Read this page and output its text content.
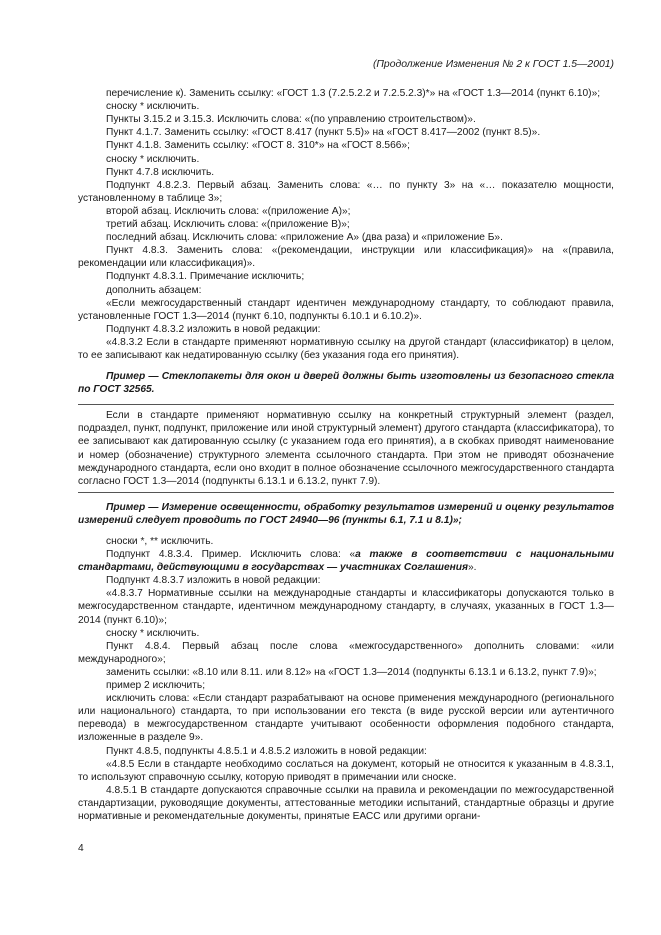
(Продолжение Изменения № 2 к ГОСТ 1.5—2001)

перечисление к). Заменить ссылку: «ГОСТ 1.3 (7.2.5.2.2 и 7.2.5.2.3)*» на «ГОСТ 1.3—2014 (пункт 6.10)»;

сноску * исключить.

Пункты 3.15.2 и 3.15.3. Исключить слова: «(по управлению строительством)».

Пункт 4.1.7. Заменить ссылку: «ГОСТ 8.417 (пункт 5.5)» на «ГОСТ 8.417—2002 (пункт 8.5)».

Пункт 4.1.8. Заменить ссылку: «ГОСТ 8. 310*» на «ГОСТ 8.566»;

сноску * исключить.

Пункт 4.7.8 исключить.

Подпункт 4.8.2.3. Первый абзац. Заменить слова: «… по пункту 3» на «… показателю мощности, установленному в таблице 3»;

второй абзац. Исключить слова: «(приложение А)»;

третий абзац. Исключить слова: «(приложение В)»;

последний абзац. Исключить слова: «приложение А» (два раза) и «приложение Б».

Пункт 4.8.3. Заменить слова: «(рекомендации, инструкции или классификация)» на «(правила, рекомендации или классификация)».

Подпункт 4.8.3.1. Примечание исключить;

дополнить абзацем:

«Если межгосударственный стандарт идентичен международному стандарту, то соблюдают правила, установленные ГОСТ 1.3—2014 (пункт 6.10, подпункты 6.10.1 и 6.10.2)».

Подпункт 4.8.3.2 изложить в новой редакции:

«4.8.3.2 Если в стандарте применяют нормативную ссылку на другой стандарт (классификатор) в целом, то ее записывают как недатированную ссылку (без указания года его принятия).

Пример — Стеклопакеты для окон и дверей должны быть изготовлены из безопасного стекла по ГОСТ 32565.

Если в стандарте применяют нормативную ссылку на конкретный структурный элемент (раздел, подраздел, пункт, подпункт, приложение или иной структурный элемент) другого стандарта (классификатора), то ее записывают как датированную ссылку (с указанием года его принятия), а в скобках приводят наименование и номер (обозначение) структурного элемента ссылочного стандарта. При этом не приводят обозначение международного стандарта, если оно входит в полное обозначение ссылочного межгосударственного стандарта согласно ГОСТ 1.3—2014 (подпункты 6.13.1 и 6.13.2, пункт 7.9).

Пример — Измерение освещенности, обработку результатов измерений и оценку результатов измерений следует проводить по ГОСТ 24940—96 (пункты 6.1, 7.1 и 8.1)»;

сноски *, ** исключить.

Подпункт 4.8.3.4. Пример. Исключить слова: «а также в соответствии с национальными стандартами, действующими в государствах — участниках Соглашения».

Подпункт 4.8.3.7 изложить в новой редакции:

«4.8.3.7 Нормативные ссылки на международные стандарты и классификаторы допускаются только в межгосударственном стандарте, идентичном международному стандарту, в случаях, указанных в ГОСТ 1.3—2014 (пункт 6.10)»;

сноску * исключить.

Пункт 4.8.4. Первый абзац после слова «межгосударственного» дополнить словами: «или международного»;

заменить ссылки: «8.10 или 8.11. или 8.12» на «ГОСТ 1.3—2014 (подпункты 6.13.1 и 6.13.2, пункт 7.9)»;

пример 2 исключить;

исключить слова: «Если стандарт разрабатывают на основе применения международного (регионального или национального) стандарта, то при использовании его текста (в виде русской версии или аутентичного перевода) в межгосударственном стандарте учитывают особенности оформления подобного стандарта, изложенные в разделе 9».

Пункт 4.8.5, подпункты 4.8.5.1 и 4.8.5.2 изложить в новой редакции:

«4.8.5 Если в стандарте необходимо сослаться на документ, который не относится к указанным в 4.8.3.1, то используют справочную ссылку, которую приводят в примечании или сноске.

4.8.5.1 В стандарте допускаются справочные ссылки на правила и рекомендации по межгосударственной стандартизации, руководящие документы, аттестованные методики испытаний, стандартные образцы и другие нормативные и рекомендательные документы, принятые ЕАСС или другими органи-

4
